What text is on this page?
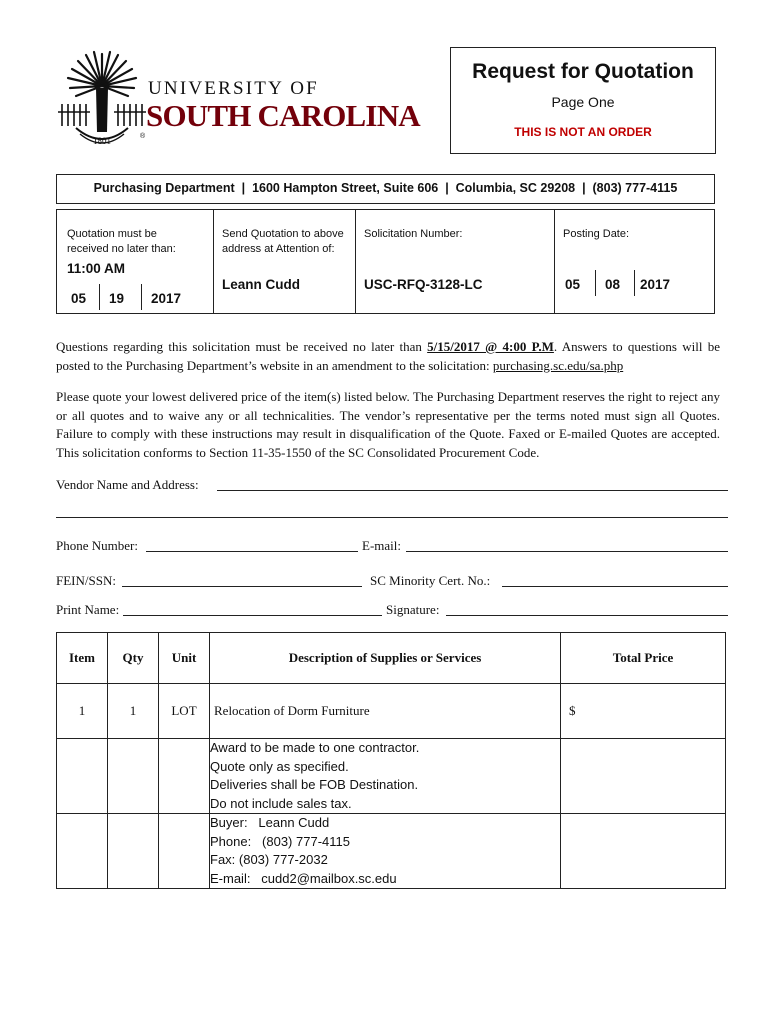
1801	®
UNIVERSITY OF
SOUTH CAROLINA
Request for Quotation
Page One
THIS IS NOT AN ORDER
Purchasing Department  |  1600 Hampton Street, Suite 606  |  Columbia, SC 29208  |  (803) 777-4115
Quotation must be received no later than:
11:00 AM
05 19 2017
Send Quotation to above address at Attention of:
Leann Cudd
Solicitation Number:
USC-RFQ-3128-LC
Posting Date:
05 08 2017
Questions regarding this solicitation must be received no later than 5/15/2017 @ 4:00 P.M. Answers to questions will be posted to the Purchasing Department’s website in an amendment to the solicitation: purchasing.sc.edu/sa.php
Please quote your lowest delivered price of the item(s) listed below. The Purchasing Department reserves the right to reject any or all quotes and to waive any or all technicalities. The vendor’s representative per the terms noted must sign all Quotes. Failure to comply with these instructions may result in disqualification of the Quote. Faxed or E-mailed Quotes are accepted. This solicitation conforms to Section 11-35-1550 of the SC Consolidated Procurement Code.
Vendor Name and Address:
Phone Number:	E-mail:
FEIN/SSN:	SC Minority Cert. No.:
Print Name:	Signature:
Item	Qty	Unit	Description of Supplies or Services	Total Price
1	1	LOT	Relocation of Dorm Furniture	$

			Award to be made to one contractor.
Quote only as specified.
Deliveries shall be FOB Destination.
Do not include sales tax.	

			Buyer:   Leann Cudd
Phone:   (803) 777-4115
Fax: (803) 777-2032
E-mail:   cudd2@mailbox.sc.edu	
